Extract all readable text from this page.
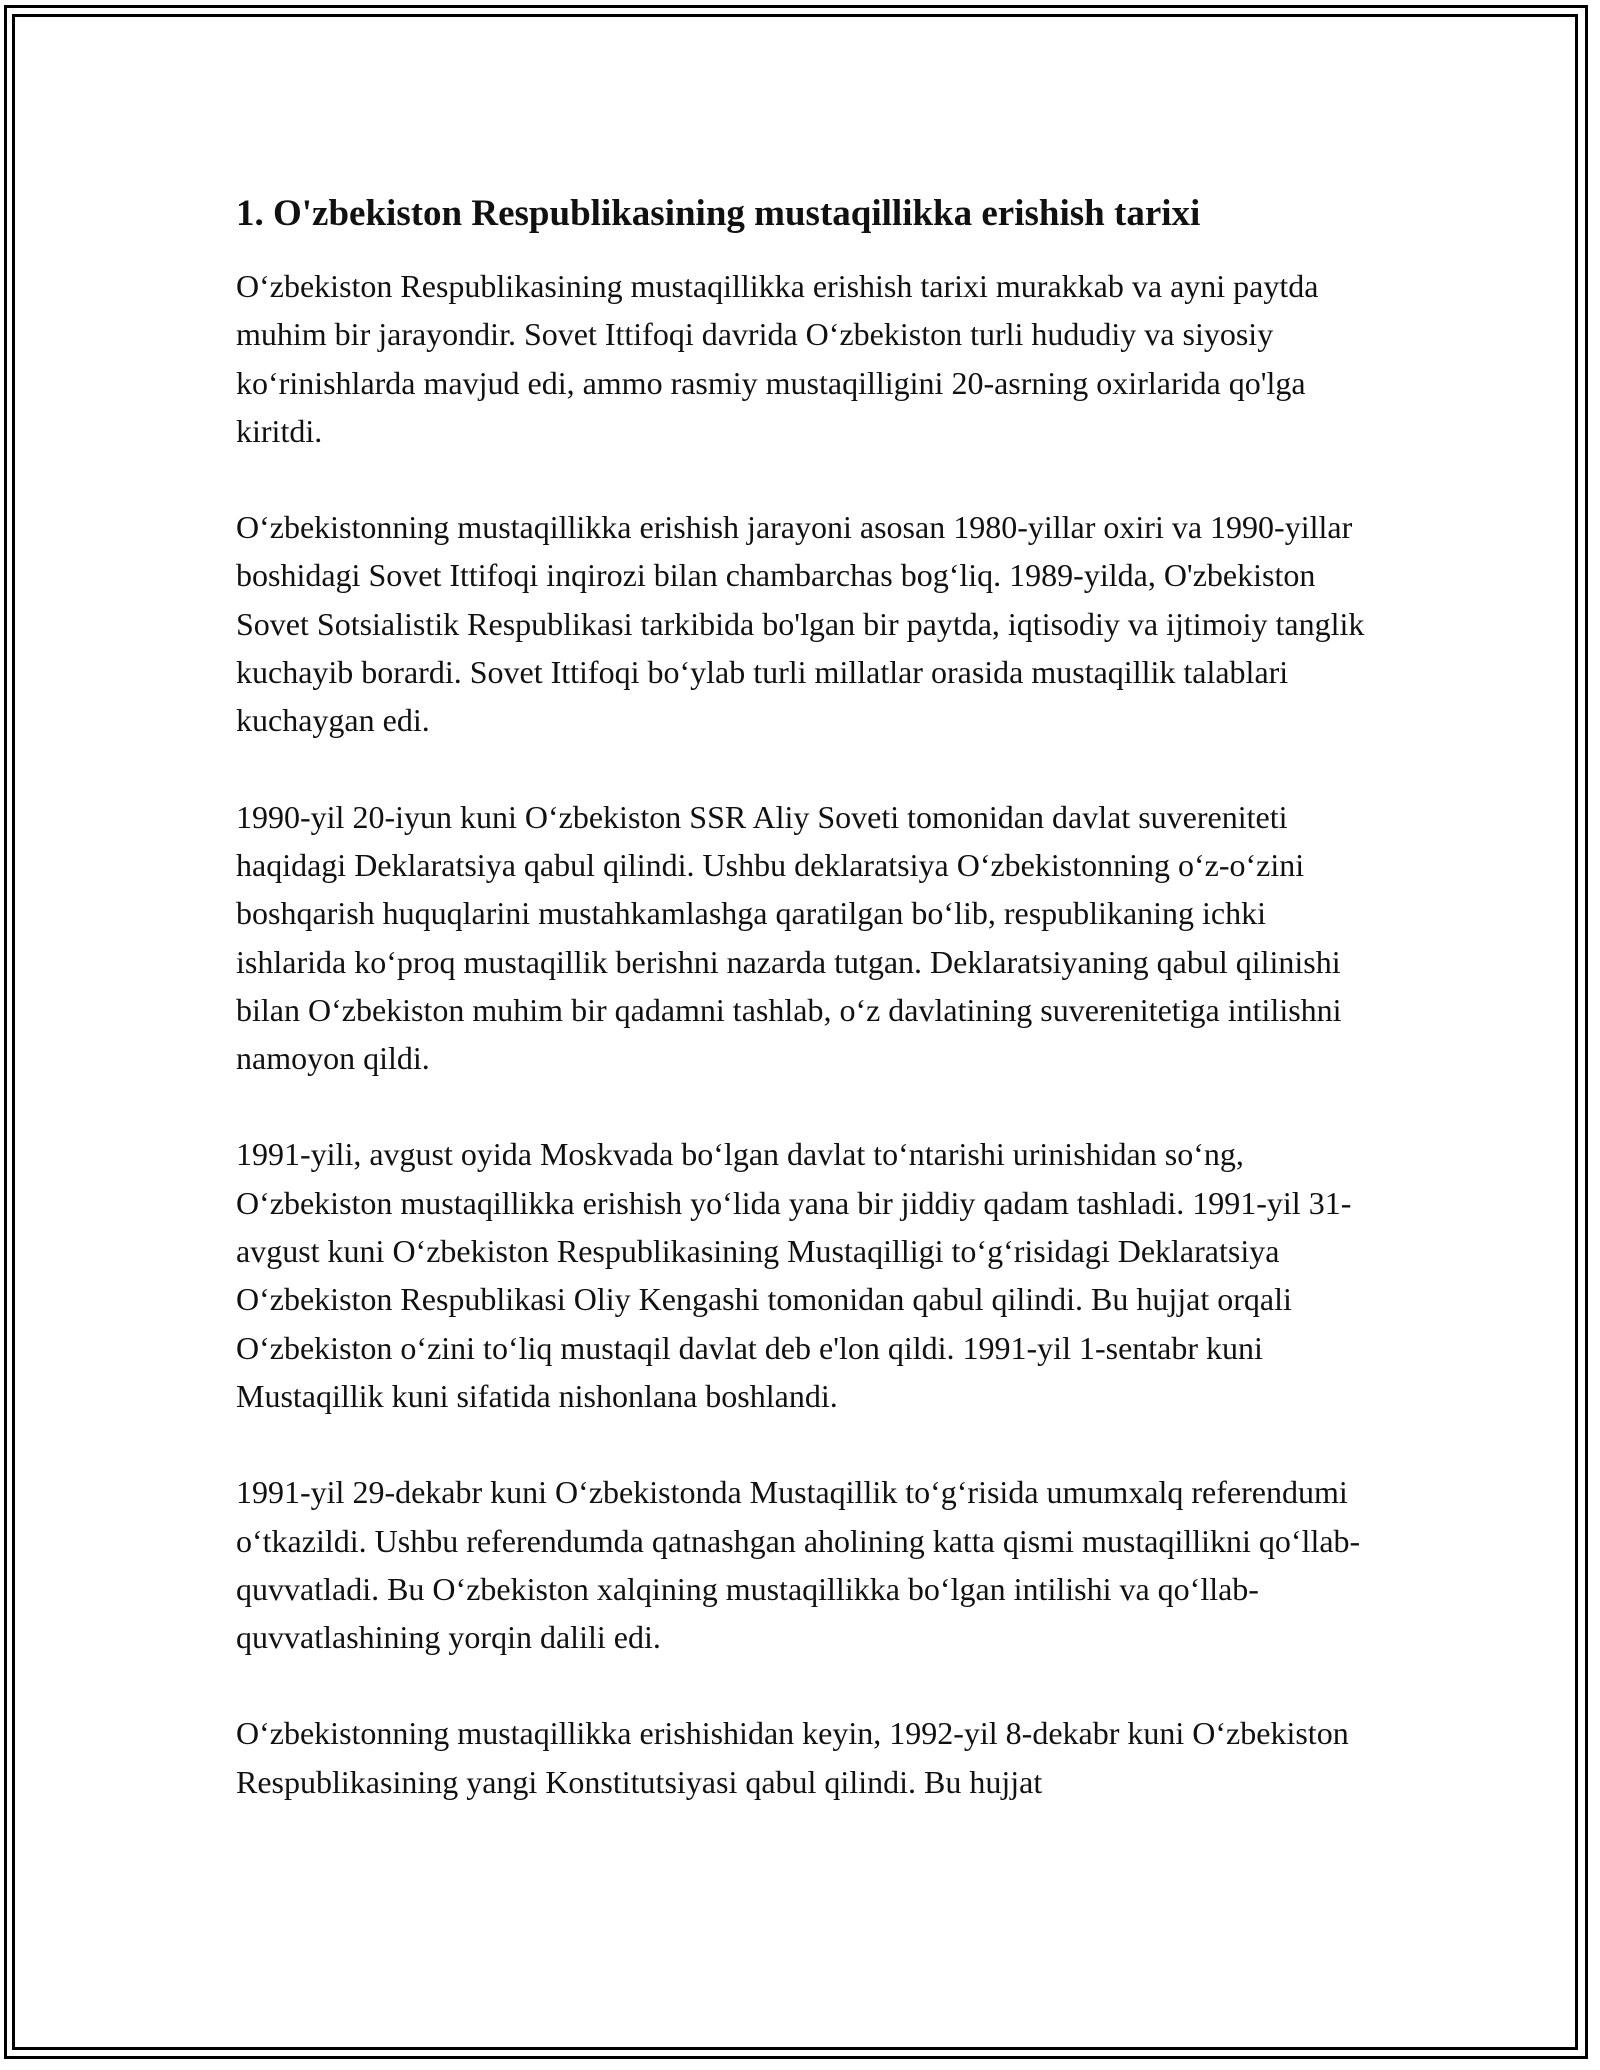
1. O'zbekiston Respublikasining mustaqillikka erishish tarixi

O‘zbekiston Respublikasining mustaqillikka erishish tarixi murakkab va ayni paytda muhim bir jarayondir. Sovet Ittifoqi davrida O‘zbekiston turli hududiy va siyosiy ko‘rinishlarda mavjud edi, ammo rasmiy mustaqilligini 20-asrning oxirlarida qo'lga kiritdi.

O‘zbekistonning mustaqillikka erishish jarayoni asosan 1980-yillar oxiri va 1990-yillar boshidagi Sovet Ittifoqi inqirozi bilan chambarchas bog‘liq. 1989-yilda, O'zbekiston Sovet Sotsialistik Respublikasi tarkibida bo'lgan bir paytda, iqtisodiy va ijtimoiy tanglik kuchayib borardi. Sovet Ittifoqi bo‘ylab turli millatlar orasida mustaqillik talablari kuchaygan edi.

1990-yil 20-iyun kuni O‘zbekiston SSR Aliy Soveti tomonidan davlat suvereniteti haqidagi Deklaratsiya qabul qilindi. Ushbu deklaratsiya O‘zbekistonning o‘z-o‘zini boshqarish huquqlarini mustahkamlashga qaratilgan bo‘lib, respublikaning ichki ishlarida ko‘proq mustaqillik berishni nazarda tutgan. Deklaratsiyaning qabul qilinishi bilan O‘zbekiston muhim bir qadamni tashlab, o‘z davlatining suverenitetiga intilishni namoyon qildi.

1991-yili, avgust oyida Moskvada bo‘lgan davlat to‘ntarishi urinishidan so‘ng, O‘zbekiston mustaqillikka erishish yo‘lida yana bir jiddiy qadam tashladi. 1991-yil 31-avgust kuni O‘zbekiston Respublikasining Mustaqilligi to‘g‘risidagi Deklaratsiya O‘zbekiston Respublikasi Oliy Kengashi tomonidan qabul qilindi. Bu hujjat orqali O‘zbekiston o‘zini to‘liq mustaqil davlat deb e'lon qildi. 1991-yil 1-sentabr kuni Mustaqillik kuni sifatida nishonlana boshlandi.

1991-yil 29-dekabr kuni O‘zbekistonda Mustaqillik to‘g‘risida umumxalq referendumi o‘tkazildi. Ushbu referendumda qatnashgan aholining katta qismi mustaqillikni qo‘llab-quvvatladi. Bu O‘zbekiston xalqining mustaqillikka bo‘lgan intilishi va qo‘llab-quvvatlashining yorqin dalili edi.

O‘zbekistonning mustaqillikka erishishidan keyin, 1992-yil 8-dekabr kuni O‘zbekiston Respublikasining yangi Konstitutsiyasi qabul qilindi. Bu hujjat
